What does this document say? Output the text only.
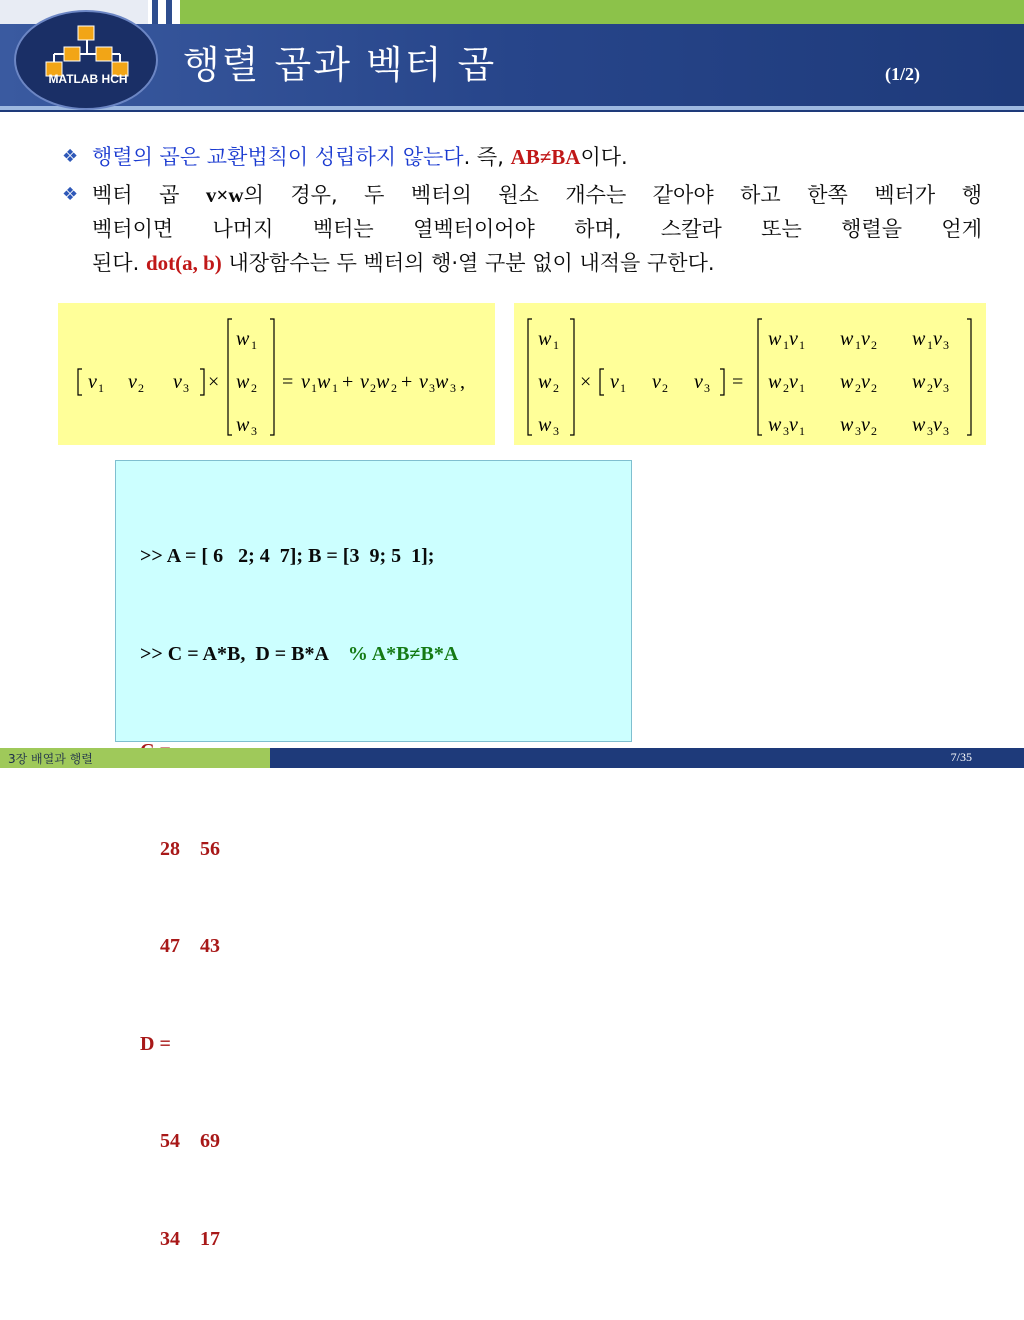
MATLAB HCH 행렬 곱과 벡터 곱	(1/2)
❖ 행렬의 곱은 교환법칙이 성립하지 않는다. 즉, AB≠BA이다.
❖ 벡터 곱 v×w의 경우, 두 벡터의 원소 개수는 같아야 하고 한쪽 벡터가 행
벡터이면 나머지 벡터는 열벡터이어야 하며, 스칼라 또는 행렬을 얻게
된다. dot(a, b) 내장함수는 두 벡터의 행·열 구분 없이 내적을 구한다.
v 1 v 2 v 3 ×
w 1
w 2
w 3
= v 1 w 1 + v 2 w 2 + v 3 w 3 ,
w 1
w 2
w 3
× v 1 v 2 v 3 =
w 1 v 1 w 1 v 2 w 1 v 3
w 2 v 1 w 2 v 2 w 2 v 3
w 3 v 1 w 3 v 2 w 3 v 3

>> A = [ 6   2; 4  7]; B = [3  9; 5  1];

>> C = A*B,  D = B*A    % A*B≠B*A

28    56

47    43

D =

54    69

34    17

3장 배열과 행렬	7/35
